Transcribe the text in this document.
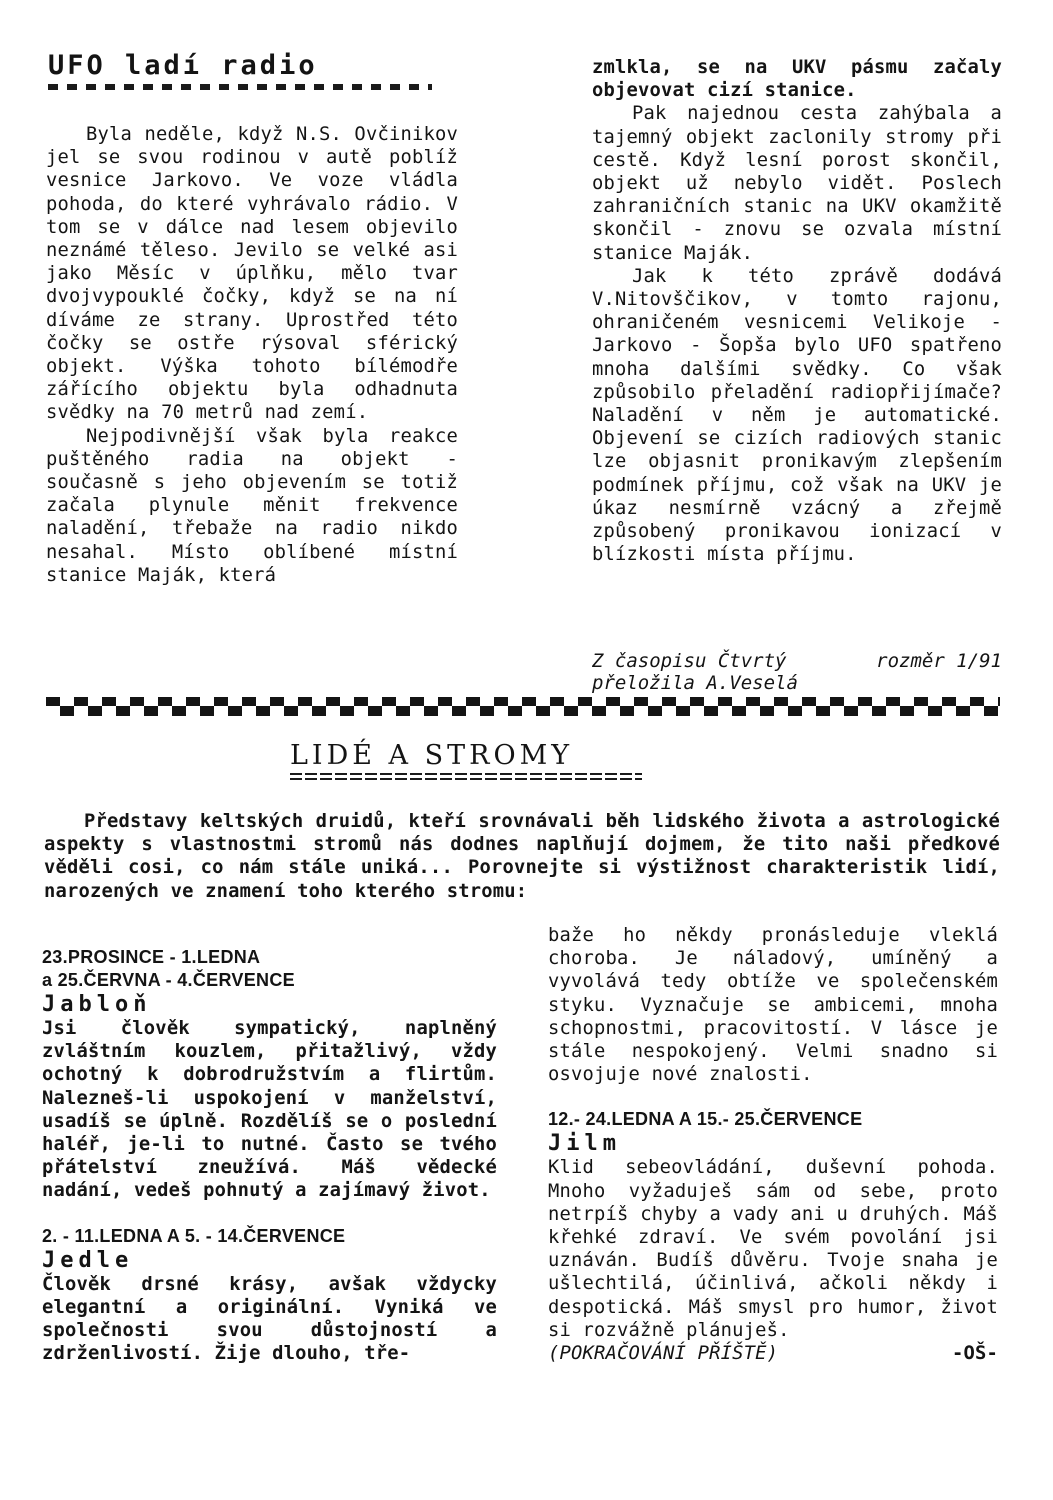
UFO ladí radio

Byla neděle, když N.S. Ovčinikov jel se svou rodinou v autě poblíž vesnice Jarkovo. Ve voze vládla pohoda, do které vyhrávalo rádio. V tom se v dálce nad lesem objevilo neznámé těleso. Jevilo se velké asi jako Měsíc v úplňku, mělo tvar dvojvypouklé čočky, když se na ní díváme ze strany. Uprostřed této čočky se ostře rýsoval sférický objekt. Výška tohoto bílémodře zářícího objektu byla odhadnuta svědky na 70 metrů nad zemí.

Nejpodivnější však byla reakce puštěného radia na objekt - současně s jeho objevením se totiž začala plynule měnit frekvence naladění, třebaže na radio nikdo nesahal. Místo oblíbené místní stanice Maják, která

zmlkla, se na UKV pásmu začaly objevovat cizí stanice.

Pak najednou cesta zahýbala a tajemný objekt zaclonily stromy při cestě. Když lesní porost skončil, objekt už nebylo vidět. Poslech zahraničních stanic na UKV okamžitě skončil - znovu se ozvala místní stanice Maják.

Jak k této zprávě dodává V.Nitovščikov, v tomto rajonu, ohraničeném vesnicemi Velikoje - Jarkovo - Šopša bylo UFO spatřeno mnoha dalšími svědky. Co však způsobilo přeladění radiopřijímače? Naladění v něm je automatické. Objevení se cizích radiových stanic lze objasnit pronikavým zlepšením podmínek příjmu, což však na UKV je úkaz nesmírně vzácný a zřejmě způsobený pronikavou ionizací v blízkosti místa příjmu.

Z časopisu Čtvrtý	rozměr 1/91
přeložila A.Veselá
LIDÉ A STROMY

Představy keltských druidů, kteří srovnávali běh lidského života a astrologické aspekty s vlastnostmi stromů nás dodnes naplňují dojmem, že tito naši předkové věděli cosi, co nám stále uniká... Porovnejte si výstižnost charakteristik lidí, narozených ve znamení toho kterého stromu:

23.PROSINCE - 1.LEDNA
a 25.ČERVNA - 4.ČERVENCE
Jabloň

Jsi člověk sympatický, naplněný zvláštním kouzlem, přitažlivý, vždy ochotný k dobrodružstvím a flirtům. Nalezneš-li uspokojení v manželství, usadíš se úplně. Rozdělíš se o poslední haléř, je-li to nutné. Často se tvého přátelství zneužívá. Máš vědecké nadání, vedeš pohnutý a zajímavý život.

2. - 11.LEDNA A 5. - 14.ČERVENCE
Jedle

Člověk drsné krásy, avšak vždycky elegantní a originální. Vyniká ve společnosti svou důstojností a zdrženlivostí. Žije dlouho, tře-

baže ho někdy pronásleduje vleklá choroba. Je náladový, umíněný a vyvolává tedy obtíže ve společenském styku. Vyznačuje se ambicemi, mnoha schopnostmi, pracovitostí. V lásce je stále nespokojený. Velmi snadno si osvojuje nové znalosti.

12.- 24.LEDNA A 15.- 25.ČERVENCE
Jilm

Klid sebeovládání, duševní pohoda. Mnoho vyžaduješ sám od sebe, proto netrpíš chyby a vady ani u druhých. Máš křehké zdraví. Ve svém povolání jsi uznáván. Budíš důvěru. Tvoje snaha je ušlechtilá, účinlivá, ačkoli někdy i despotická. Máš smysl pro humor, život si rozvážně plánuješ.

(POKRAČOVÁNÍ PŘÍŠTĚ)	-OŠ-
